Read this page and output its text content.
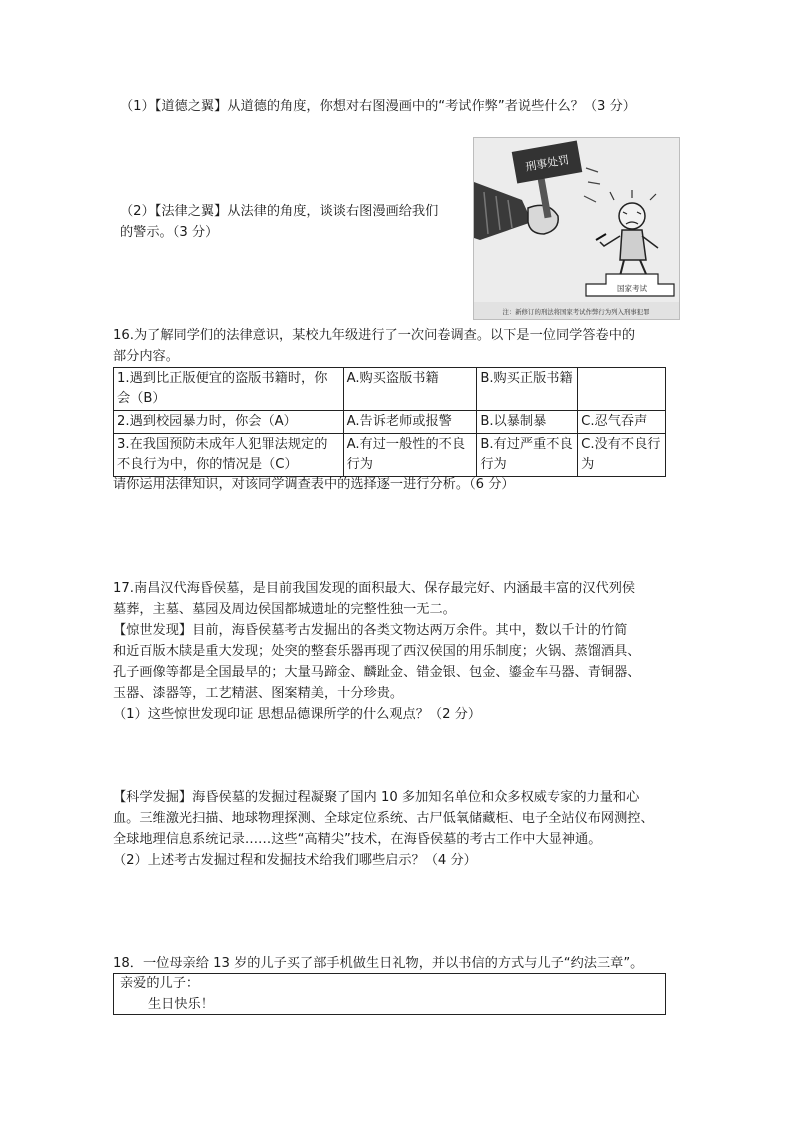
（1）【道德之翼】从道德的角度，你想对右图漫画中的“考试作弊”者说些什么？（3 分）
刑事处罚
国家考试
注：新修订的刑法将国家考试作弊行为列入刑事犯罪
（2）【法律之翼】从法律的角度，谈谈右图漫画给我们
的警示。（3 分）
16.为了解同学们的法律意识，某校九年级进行了一次问卷调查。以下是一位同学答卷中的
部分内容。
1.遇到比正版便宜的盗版书籍时，你会（B）	A.购买盗版书籍	B.购买正版书籍	
2.遇到校园暴力时，你会（A）	A.告诉老师或报警	B.以暴制暴	C.忍气吞声
3.在我国预防未成年人犯罪法规定的不良行为中，你的情况是（C）	A.有过一般性的不良行为	B.有过严重不良行为	C.没有不良行为
请你运用法律知识，对该同学调查表中的选择逐一进行分析。（6 分）
17.南昌汉代海昏侯墓，是目前我国发现的面积最大、保存最完好、内涵最丰富的汉代列侯
墓葬，主墓、墓园及周边侯国都城遗址的完整性独一无二。
【惊世发现】目前，海昏侯墓考古发掘出的各类文物达两万余件。其中，数以千计的竹简
和近百版木牍是重大发现；处突的整套乐器再现了西汉侯国的用乐制度；火锅、蒸馏酒具、
孔子画像等都是全国最早的；大量马蹄金、麟趾金、错金银、包金、鎏金车马器、青铜器、
玉器、漆器等，工艺精湛、图案精美，十分珍贵。
（1）这些惊世发现印证 思想品德课所学的什么观点？（2 分）
【科学发掘】海昏侯墓的发掘过程凝聚了国内 10 多加知名单位和众多权威专家的力量和心
血。三维激光扫描、地球物理探测、全球定位系统、古尸低氧储藏柜、电子全站仪布网测控、
全球地理信息系统记录……这些“高精尖”技术，在海昏侯墓的考古工作中大显神通。
（2）上述考古发掘过程和发掘技术给我们哪些启示？（4 分）
18．一位母亲给 13 岁的儿子买了部手机做生日礼物，并以书信的方式与儿子“约法三章”。
亲爱的儿子：
生日快乐！
